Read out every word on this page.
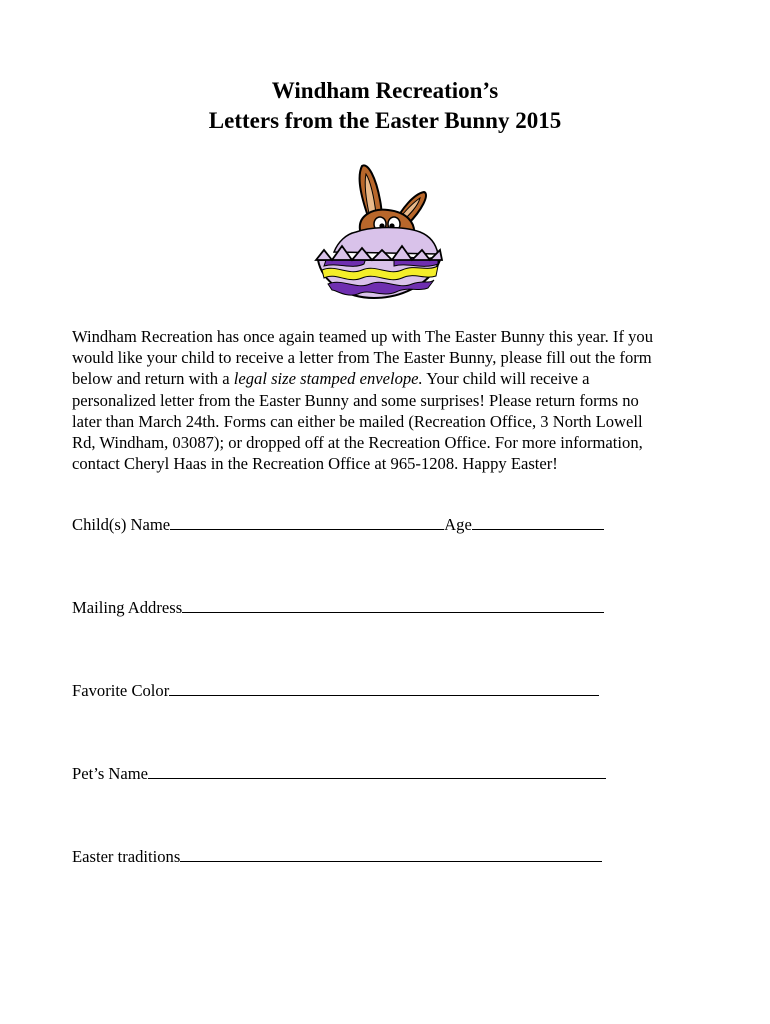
Windham Recreation’s
Letters from the Easter Bunny 2015
Windham Recreation has once again teamed up with The Easter Bunny this year. If you
would like your child to receive a letter from The Easter Bunny, please fill out the form
below and return with a legal size stamped envelope. Your child will receive a
personalized letter from the Easter Bunny and some surprises! Please return forms no
later than March 24th. Forms can either be mailed (Recreation Office, 3 North Lowell
Rd, Windham, 03087); or dropped off at the Recreation Office. For more information,
contact Cheryl Haas in the Recreation Office at 965-1208. Happy Easter!
Child(s) Name	Age
Mailing Address
Favorite Color
Pet’s Name
Easter traditions
